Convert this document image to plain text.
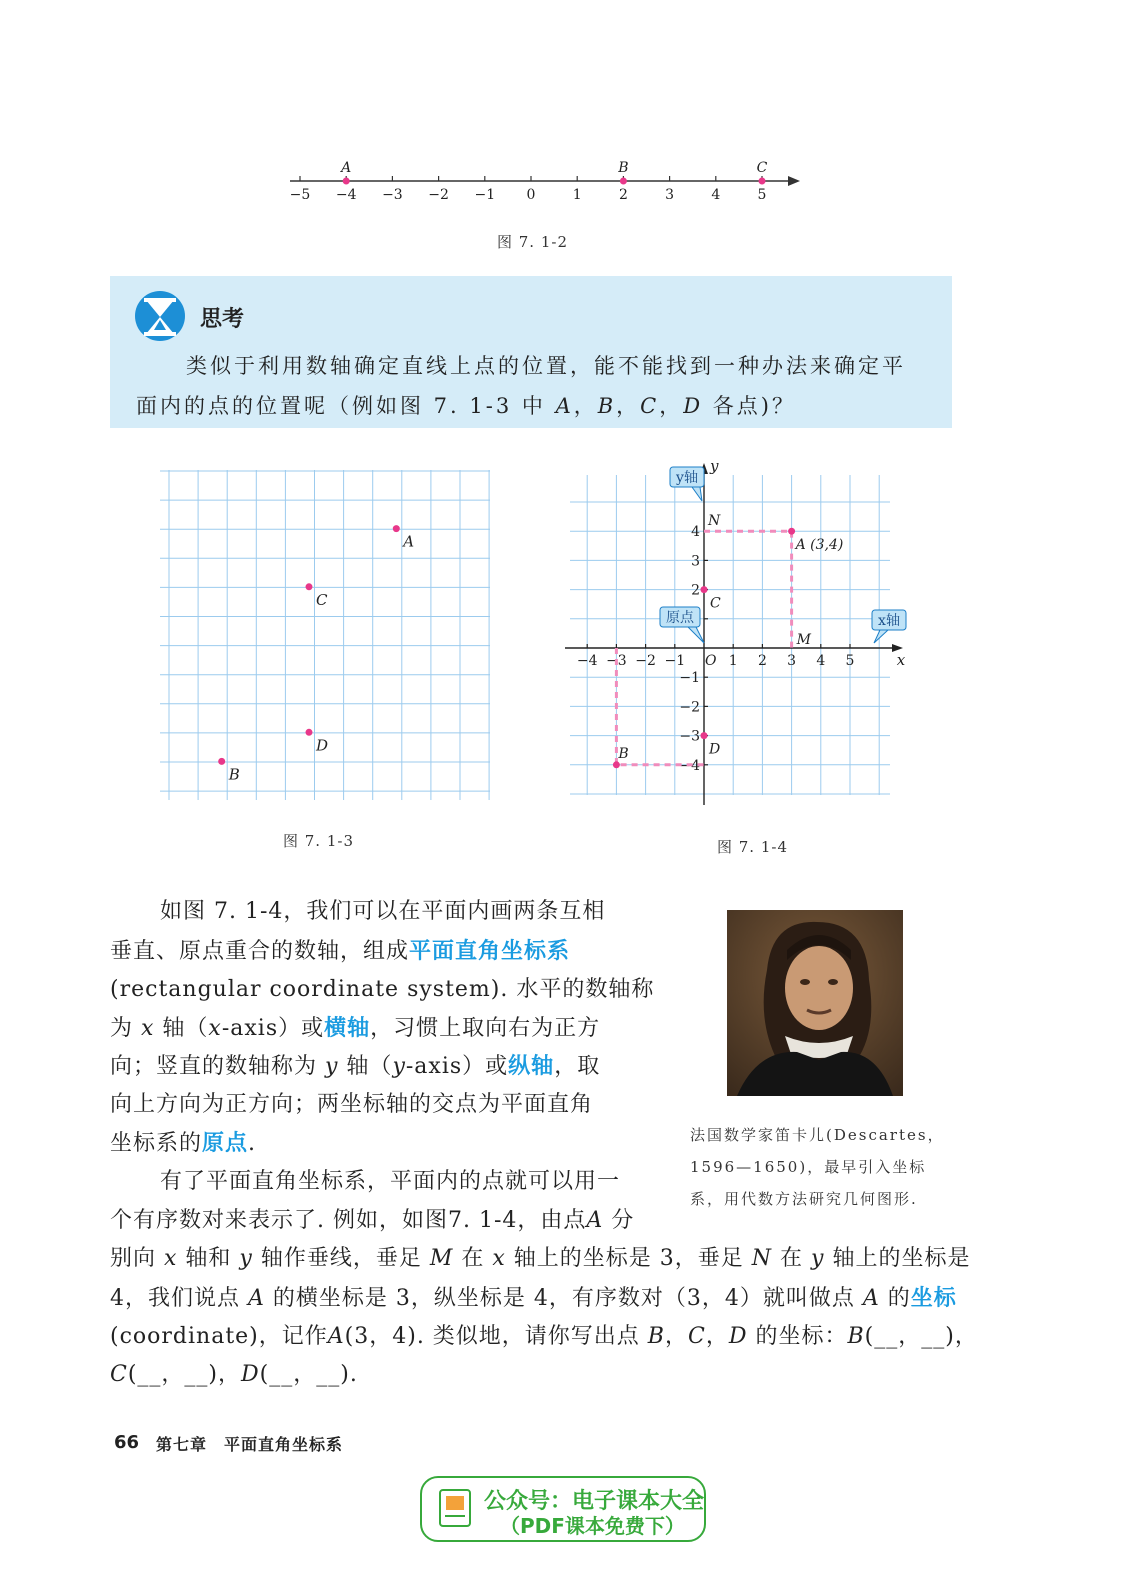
−5 −4 −3 −2 −1 0	1	2	3	4	5
A	B	C
图 7. 1-2
思考
类似于利用数轴确定直线上点的位置，能不能找到一种办法来确定平
面内的点的位置呢（例如图 7. 1-3 中 A，B，C，D 各点)？
A
B
C
D
图 7. 1-3
x
y
−4 −3 −2 −1	1 2 3 4 5
4
3
2
−1
−2
−3
−4
O
A (3,4)
B
C
D
M
N
y轴
x轴
原点
图 7. 1-4
如图 7. 1-4，我们可以在平面内画两条互相
垂直、原点重合的数轴，组成平面直角坐标系
(rectangular coordinate system). 水平的数轴称
为 x 轴（x-axis）或横轴，习惯上取向右为正方
向；竖直的数轴称为 y 轴（y-axis）或纵轴，取
向上方向为正方向；两坐标轴的交点为平面直角
坐标系的原点.
有了平面直角坐标系，平面内的点就可以用一
个有序数对来表示了. 例如，如图7. 1-4，由点A 分
别向 x 轴和 y 轴作垂线，垂足 M 在 x 轴上的坐标是 3，垂足 N 在 y 轴上的坐标是
4，我们说点 A 的横坐标是 3，纵坐标是 4，有序数对（3，4）就叫做点 A 的坐标
(coordinate)，记作A(3，4). 类似地，请你写出点 B，C，D 的坐标：B(__，__)，
C(__，__)，D(__，__).
法国数学家笛卡儿(Descartes，
1596—1650)，最早引入坐标
系，用代数方法研究几何图形.
66 第七章　平面直角坐标系
公众号：电子课本大全
（PDF课本免费下）
